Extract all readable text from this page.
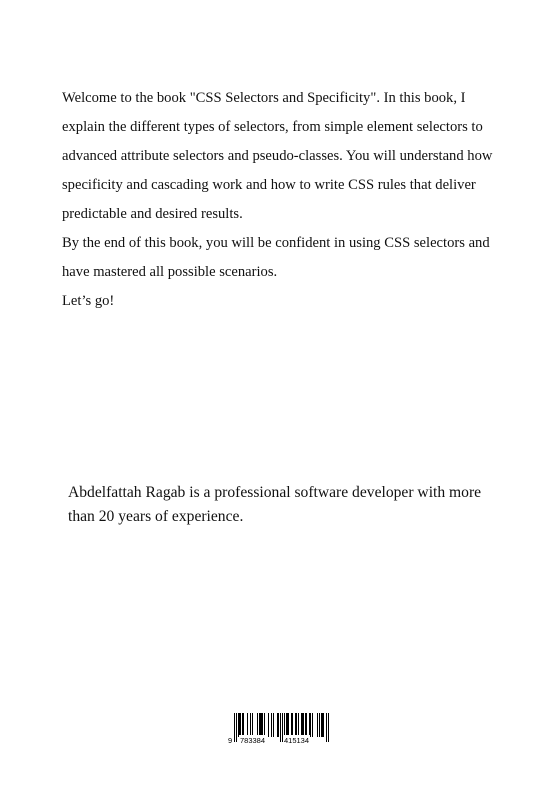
Welcome to the book "CSS Selectors and Specificity". In this book, I explain the different types of selectors, from simple element selectors to advanced attribute selectors and pseudo-classes. You will understand how specificity and cascading work and how to write CSS rules that deliver predictable and desired results.

By the end of this book, you will be confident in using CSS selectors and have mastered all possible scenarios.

Let’s go!

Abdelfattah Ragab is a professional software developer with more than 20 years of experience.

9 783384	415134
